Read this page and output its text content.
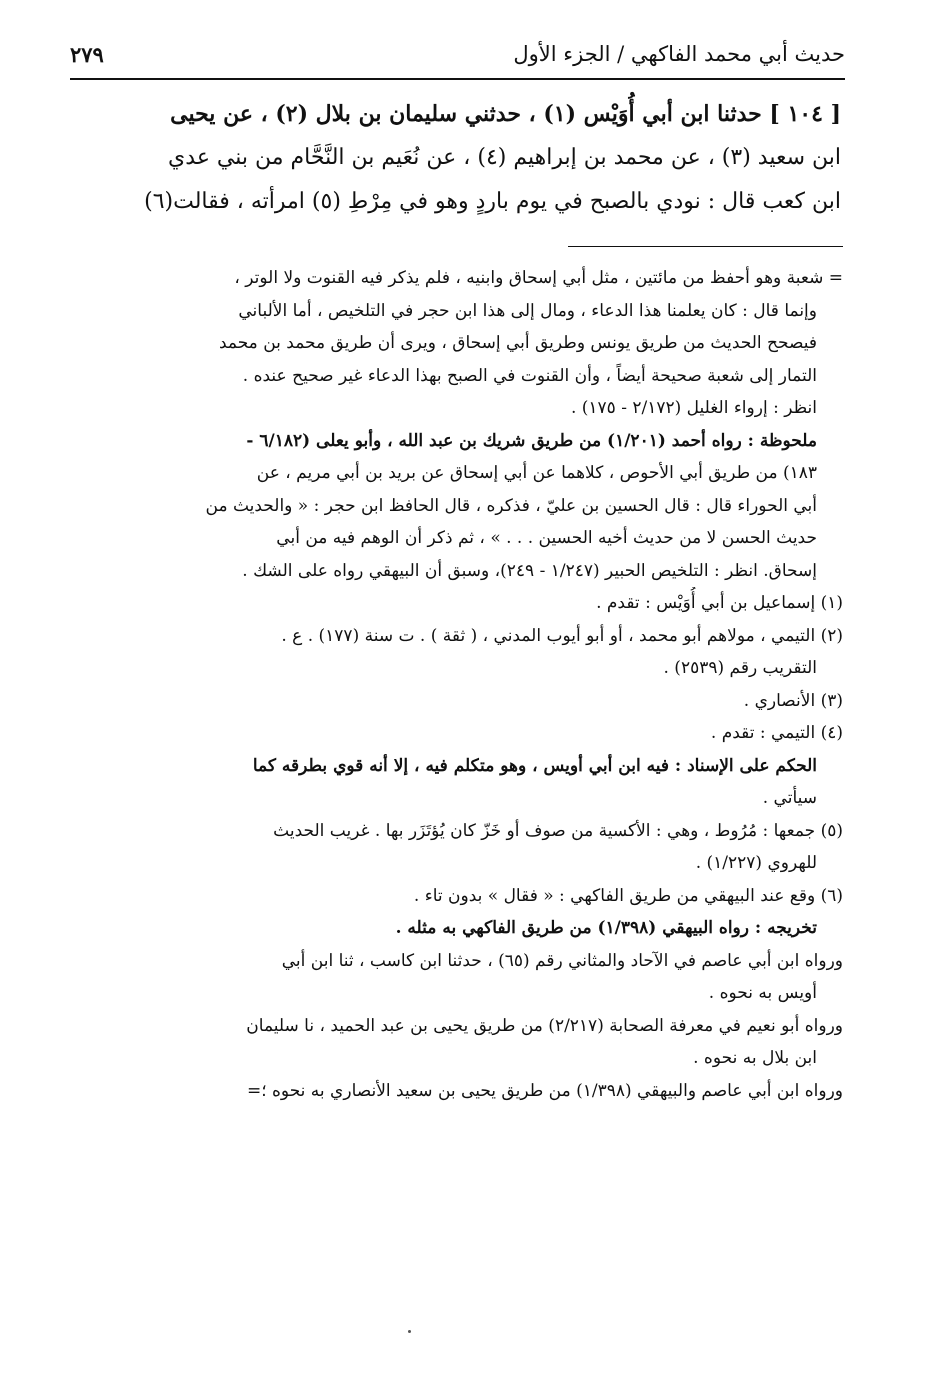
حديث أبي محمد الفاكهي / الجزء الأول
٢٧٩
[ ١٠٤ ] حدثنا ابن أبي أُوَيْس (١) ، حدثني سليمان بن بلال (٢) ، عن يحيى
ابن سعيد (٣) ، عن محمد بن إبراهيم (٤) ، عن نُعَيم بن النَّحَّام من بني عدي
ابن كعب قال : نودي بالصبح في يوم باردٍ وهو في مِرْطِ (٥) امرأته ، فقالت(٦)
= شعبة وهو أحفظ من مائتين ، مثل أبي إسحاق وابنيه ، فلم يذكر فيه القنوت ولا الوتر ،
وإنما قال : كان يعلمنا هذا الدعاء ، ومال إلى هذا ابن حجر في التلخيص ، أما الألباني
فيصحح الحديث من طريق يونس وطريق أبي إسحاق ، ويرى أن طريق محمد بن محمد
التمار إلى شعبة صحيحة أيضاً ، وأن القنوت في الصبح بهذا الدعاء غير صحيح عنده .
انظر : إرواء الغليل (٢/١٧٢ - ١٧٥) .
ملحوظة : رواه أحمد (١/٢٠١) من طريق شريك بن عبد الله ، وأبو يعلى (٦/١٨٢ -
١٨٣) من طريق أبي الأحوص ، كلاهما عن أبي إسحاق عن بريد بن أبي مريم ، عن
أبي الحوراء قال : قال الحسين بن عليّ ، فذكره ، قال الحافظ ابن حجر : « والحديث من
حديث الحسن لا من حديث أخيه الحسين . . . » ، ثم ذكر أن الوهم فيه من أبي
إسحاق. انظر : التلخيص الحبير (١/٢٤٧ - ٢٤٩)، وسبق أن البيهقي رواه على الشك .
(١) إسماعيل بن أبي أُوَيْس : تقدم .
(٢) التيمي ، مولاهم أبو محمد ، أو أبو أيوب المدني ، ( ثقة ) . ت سنة (١٧٧) . ع .
التقريب رقم (٢٥٣٩) .
(٣) الأنصاري .
(٤) التيمي : تقدم .
الحكم على الإسناد : فيه ابن أبي أويس ، وهو متكلم فيه ، إلا أنه قوي بطرقه كما
سيأتي .
(٥) جمعها : مُرُوط ، وهي : الأكسية من صوف أو خَزّ كان يُؤتَزَر بها . غريب الحديث
للهروي (١/٢٢٧) .
(٦) وقع عند البيهقي من طريق الفاكهي : « فقال » بدون تاء .
تخريجه : رواه البيهقي (١/٣٩٨) من طريق الفاكهي به مثله .
ورواه ابن أبي عاصم في الآحاد والمثاني رقم (٦٥) ، حدثنا ابن كاسب ، ثنا ابن أبي
أويس به نحوه .
ورواه أبو نعيم في معرفة الصحابة (٢/٢١٧) من طريق يحيى بن عبد الحميد ، نا سليمان
ابن بلال به نحوه .
ورواه ابن أبي عاصم والبيهقي (١/٣٩٨) من طريق يحيى بن سعيد الأنصاري به نحوه ؛=
